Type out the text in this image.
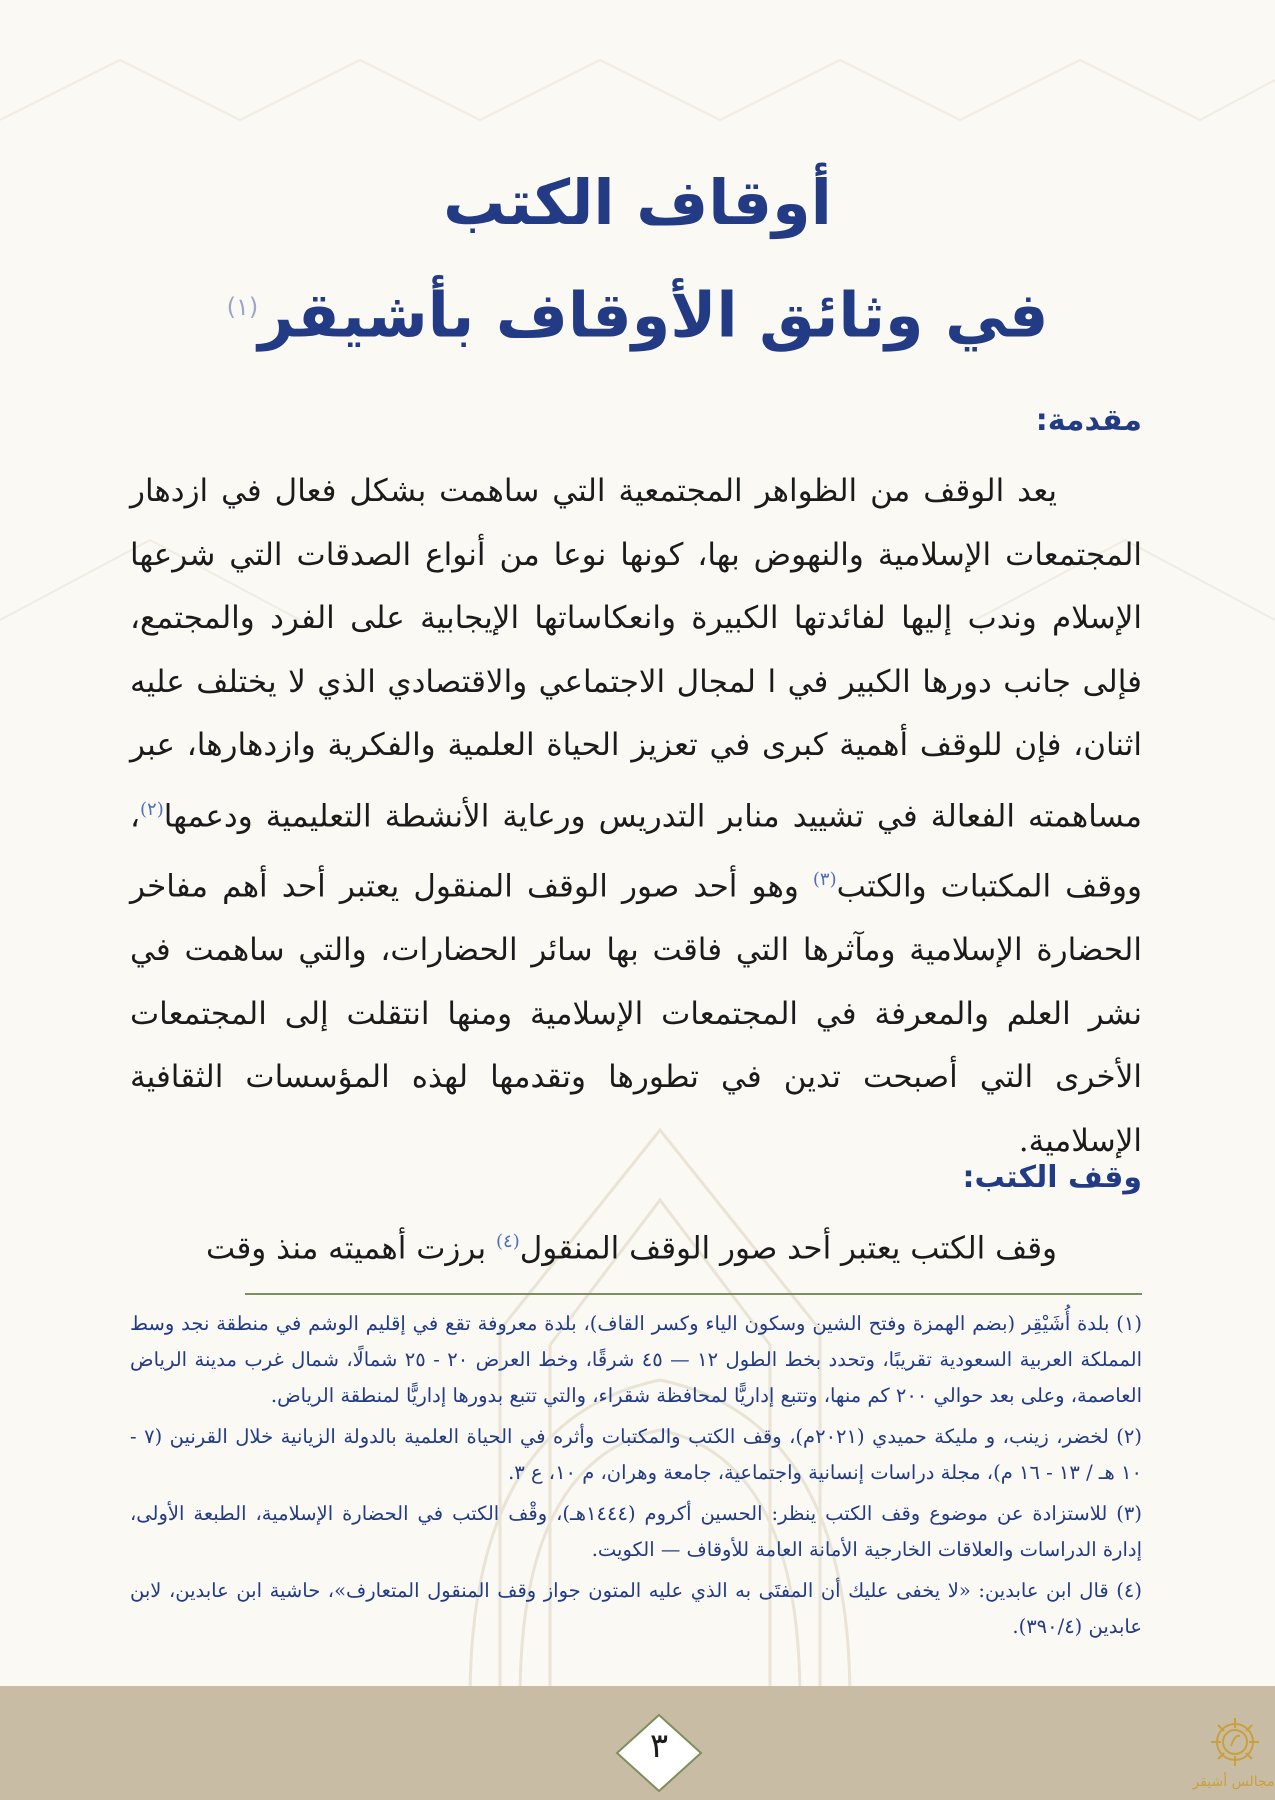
أوقاف الكتب

في وثائق الأوقاف بأشيقر$^{(١)}$

مقدمة:

يعد الوقف من الظواهر المجتمعية التي ساهمت بشكل فعال في ازدهار المجتمعات الإسلامية والنهوض بها، كونها نوعا من أنواع الصدقات التي شرعها الإسلام وندب إليها لفائدتها الكبيرة وانعكاساتها الإيجابية على الفرد والمجتمع، فإلى جانب دورها الكبير في ا لمجال الاجتماعي والاقتصادي الذي لا يختلف عليه اثنان، فإن للوقف أهمية كبرى في تعزيز الحياة العلمية والفكرية وازدهارها، عبر مساهمته الفعالة في تشييد منابر التدريس ورعاية الأنشطة التعليمية ودعمها$^{(٢)}$، ووقف المكتبات والكتب$^{(٣)}$ وهو أحد صور الوقف المنقول يعتبر أحد أهم مفاخر الحضارة الإسلامية ومآثرها التي فاقت بها سائر الحضارات، والتي ساهمت في نشر العلم والمعرفة في المجتمعات الإسلامية ومنها انتقلت إلى المجتمعات الأخرى التي أصبحت تدين في تطورها وتقدمها لهذه المؤسسات الثقافية الإسلامية.

وقف الكتب:

وقف الكتب يعتبر أحد صور الوقف المنقول$^{(٤)}$ برزت أهميته منذ وقت

(١) بلدة أُشَيْقِر (بضم الهمزة وفتح الشين وسكون الياء وكسر القاف)، بلدة معروفة تقع في إقليم الوشم في منطقة نجد وسط المملكة العربية السعودية تقريبًا، وتحدد بخط الطول ١٢ — ٤٥ شرقًا، وخط العرض ٢٠ - ٢٥ شمالًا، شمال غرب مدينة الرياض العاصمة، وعلى بعد حوالي ٢٠٠ كم منها، وتتبع إداريًّا لمحافظة شقراء، والتي تتبع بدورها إداريًّا لمنطقة الرياض.

(٢) لخضر، زينب، و مليكة حميدي (٢٠٢١م)، وقف الكتب والمكتبات وأثره في الحياة العلمية بالدولة الزيانية خلال القرنين (٧ - ١٠ هـ / ١٣ - ١٦ م)، مجلة دراسات إنسانية واجتماعية، جامعة وهران، م ١٠، ع ٣.

(٣) للاستزادة عن موضوع وقف الكتب ينظر: الحسين أكروم (١٤٤٤هـ)، وقْف الكتب في الحضارة الإسلامية، الطبعة الأولى، إدارة الدراسات والعلاقات الخارجية الأمانة العامة للأوقاف — الكويت.

(٤) قال ابن عابدين: «لا يخفى عليك أن المفتَى به الذي عليه المتون جواز وقف المنقول المتعارف»، حاشية ابن عابدين، لابن عابدين (٣٩٠/٤).

٣
مجالس أشيقر
